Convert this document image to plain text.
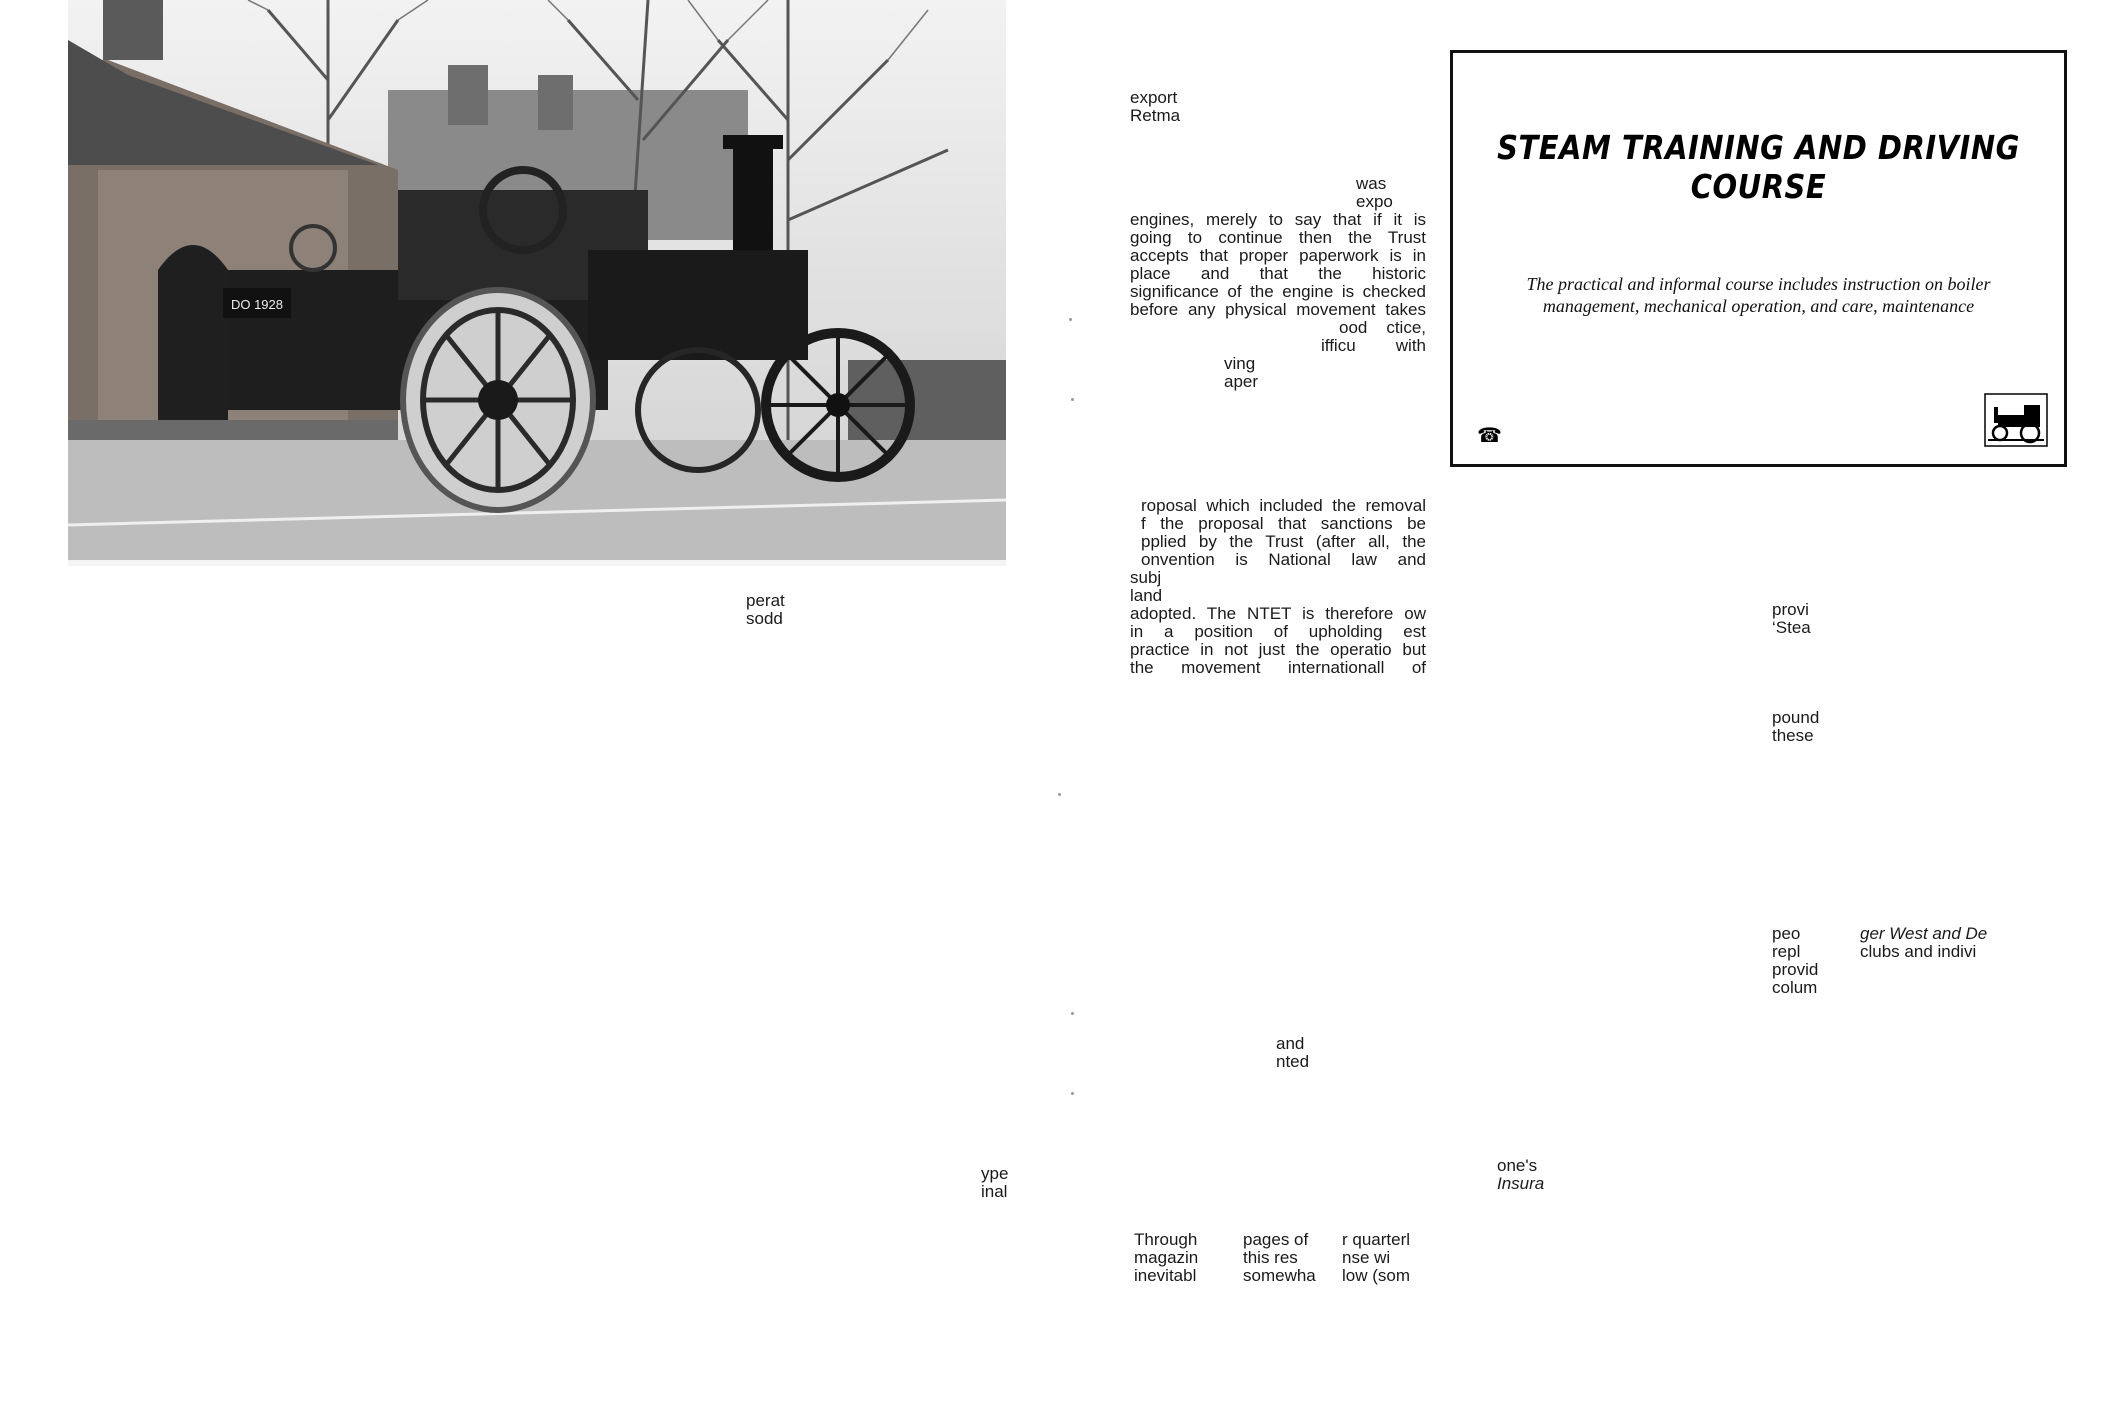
DO 1928
perat
sodd
ype
inal
export
Retma
was
expo
engines, merely to say that if it is
going to continue then the Trust
accepts that proper paperwork is in
place and that the historic
significance of the engine is checked
before any physical movement takes
ood
ifficu
ctice,
with
ving
aper
roposal which included the removal
f the proposal that sanctions be
pplied by the Trust (after all, the
onvention is National law and
subj
land
adopted. The NTET is therefore ow
in a position of upholding est
practice in not just the operatio but
the movement internationall of
and
nted
Through
magazin
inevitabl
pages of
this res
somewha
r quarterl
nse wi
low (som
one's
Insura
provi
‘Stea
pound
these
peo
repl
provid
colum
ger West and De
clubs and indivi
STEAM TRAINING AND DRIVING COURSE
The practical and informal course includes instruction on boiler management, mechanical operation, and care, maintenance
☎
